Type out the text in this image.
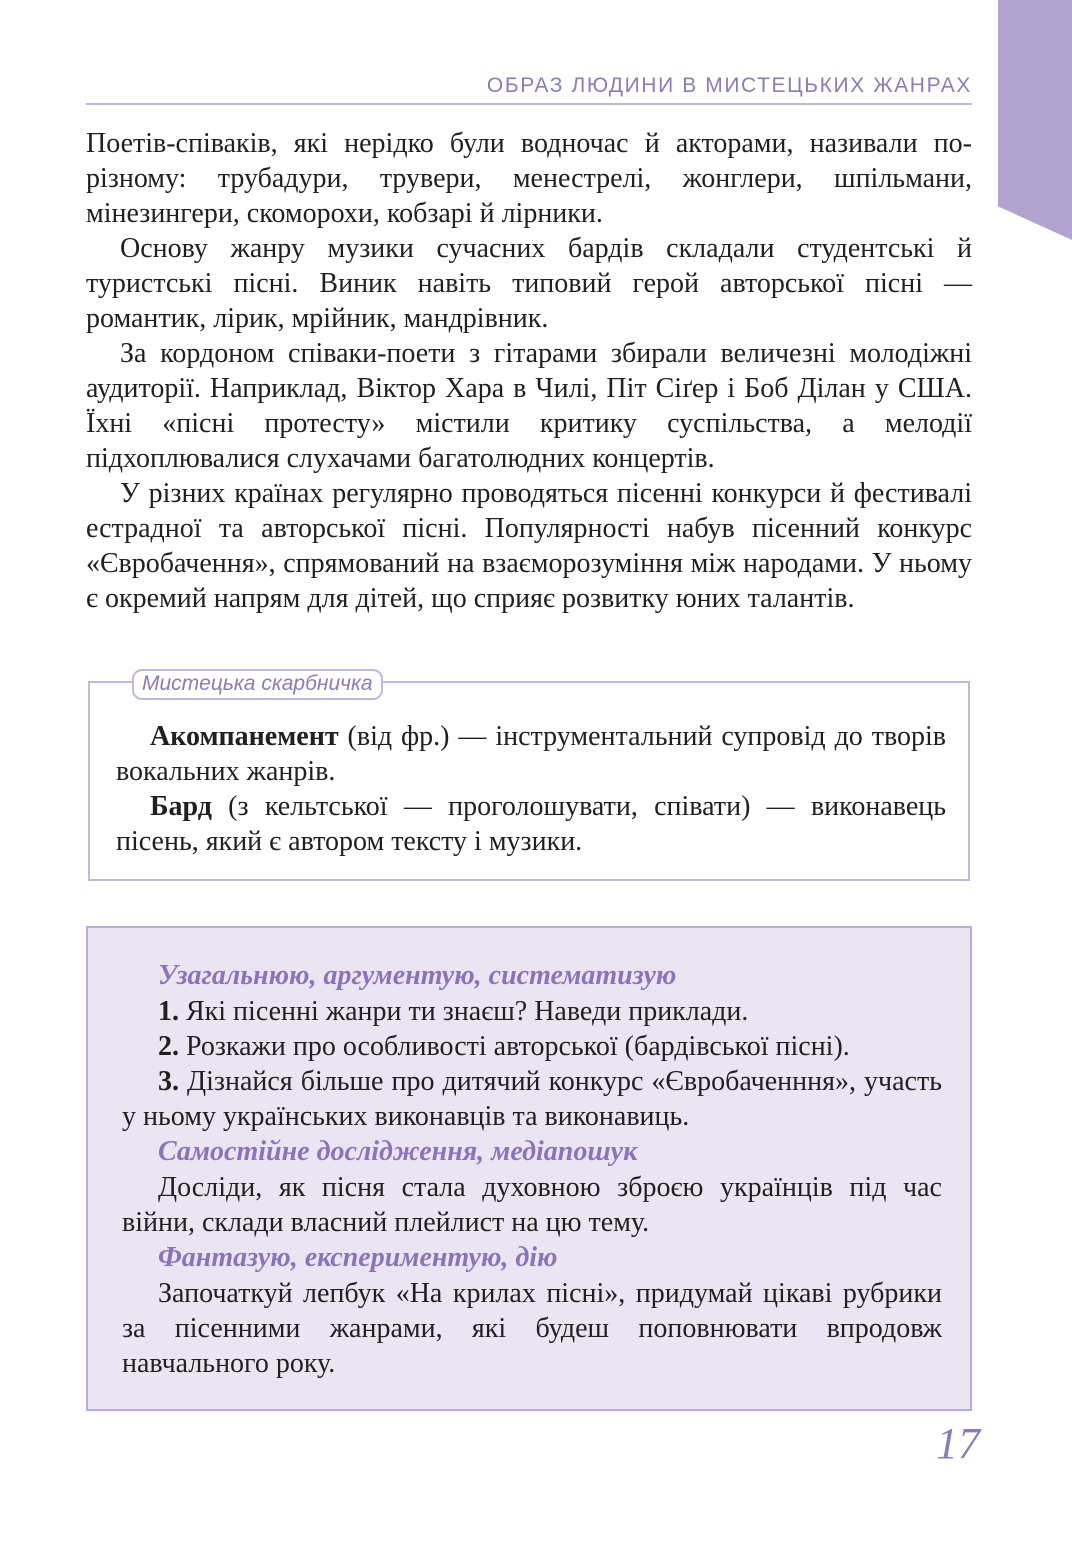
ОБРАЗ ЛЮДИНИ В МИСТЕЦЬКИХ ЖАНРАХ

Поетів-співаків, які нерідко були водночас й акторами, називали по-різному: трубадури, трувери, менестрелі, жонглери, шпільмани, мінезингери, скоморохи, кобзарі й лірники.

Основу жанру музики сучасних бардів складали студентські й туристські пісні. Виник навіть типовий герой авторської пісні — романтик, лірик, мрійник, мандрівник.

За кордоном співаки-поети з гітарами збирали величезні молодіжні аудиторії. Наприклад, Віктор Хара в Чилі, Піт Сіґер і Боб Ділан у США. Їхні «пісні протесту» містили критику суспільства, а мелодії підхоплювалися слухачами багатолюдних концертів.

У різних країнах регулярно проводяться пісенні конкурси й фестивалі естрадної та авторської пісні. Популярності набув пісенний конкурс «Євробачення», спрямований на взаєморозуміння між народами. У ньому є окремий напрям для дітей, що сприяє розвитку юних талантів.

Мистецька скарбничка

Акомпанемент (від фр.) — інструментальний супровід до творів вокальних жанрів.

Бард (з кельтської — проголошувати, співати) — виконавець пісень, який є автором тексту і музики.

Узагальнюю, аргументую, систематизую

1. Які пісенні жанри ти знаєш? Наведи приклади.

2. Розкажи про особливості авторської (бардівської пісні).

3. Дізнайся більше про дитячий конкурс «Євробаченння», участь у ньому українських виконавців та виконавиць.

Самостійне дослідження, медіапошук

Досліди, як пісня стала духовною зброєю українців під час війни, склади власний плейлист на цю тему.

Фантазую, експериментую, дію

Започаткуй лепбук «На крилах пісні», придумай цікаві рубрики за пісенними жанрами, які будеш поповнювати впродовж навчального року.

17
